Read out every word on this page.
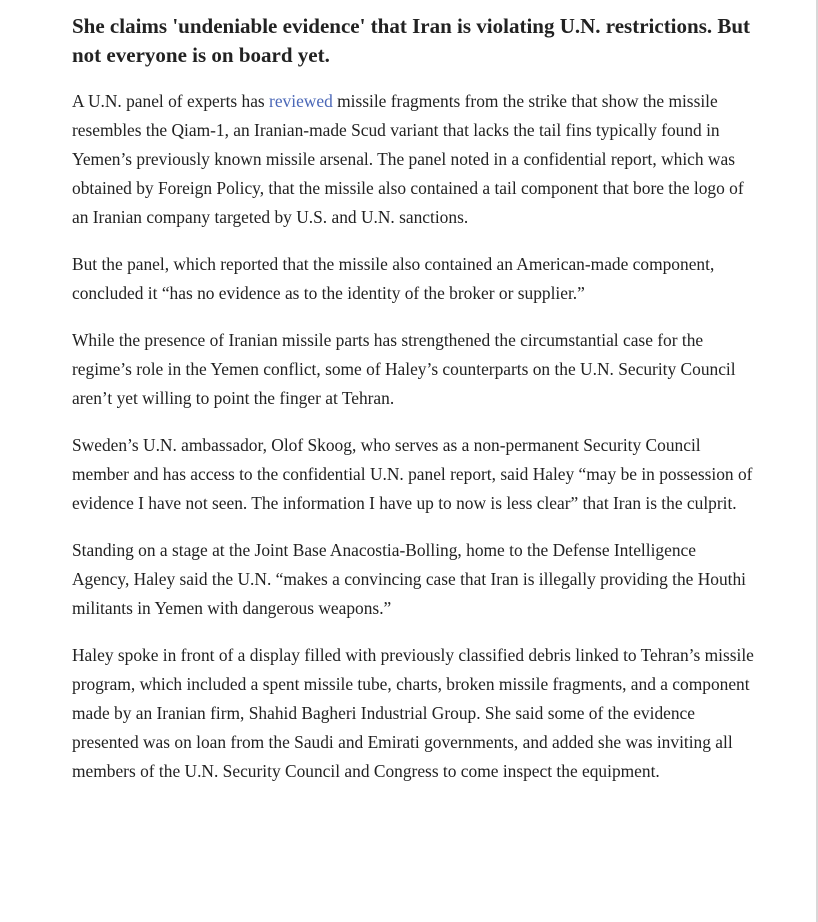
She claims 'undeniable evidence' that Iran is violating U.N. restrictions. But not everyone is on board yet.

A U.N. panel of experts has reviewed missile fragments from the strike that show the missile resembles the Qiam-1, an Iranian-made Scud variant that lacks the tail fins typically found in Yemen’s previously known missile arsenal. The panel noted in a confidential report, which was obtained by Foreign Policy, that the missile also contained a tail component that bore the logo of an Iranian company targeted by U.S. and U.N. sanctions.

But the panel, which reported that the missile also contained an American-made component, concluded it “has no evidence as to the identity of the broker or supplier.”

While the presence of Iranian missile parts has strengthened the circumstantial case for the regime’s role in the Yemen conflict, some of Haley’s counterparts on the U.N. Security Council aren’t yet willing to point the finger at Tehran.

Sweden’s U.N. ambassador, Olof Skoog, who serves as a non-permanent Security Council member and has access to the confidential U.N. panel report, said Haley “may be in possession of evidence I have not seen. The information I have up to now is less clear” that Iran is the culprit.

Standing on a stage at the Joint Base Anacostia-Bolling, home to the Defense Intelligence Agency, Haley said the U.N. “makes a convincing case that Iran is illegally providing the Houthi militants in Yemen with dangerous weapons.”

Haley spoke in front of a display filled with previously classified debris linked to Tehran’s missile program, which included a spent missile tube, charts, broken missile fragments, and a component made by an Iranian firm, Shahid Bagheri Industrial Group. She said some of the evidence presented was on loan from the Saudi and Emirati governments, and added she was inviting all members of the U.N. Security Council and Congress to come inspect the equipment.
